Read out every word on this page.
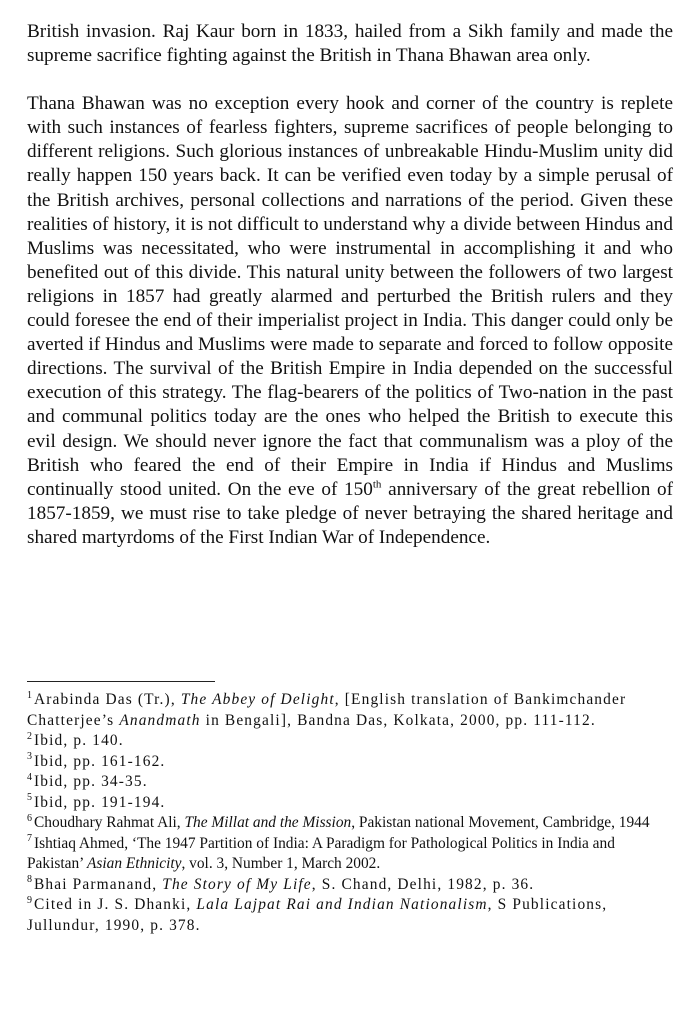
British invasion. Raj Kaur born in 1833, hailed from a Sikh family and made the supreme sacrifice fighting against the British in Thana Bhawan area only.

Thana Bhawan was no exception every hook and corner of the country is replete with such instances of fearless fighters, supreme sacrifices of people belonging to different religions. Such glorious instances of unbreakable Hindu-Muslim unity did really happen 150 years back. It can be verified even today by a simple perusal of the British archives, personal collections and narrations of the period. Given these realities of history, it is not difficult to understand why a divide between Hindus and Muslims was necessitated, who were instrumental in accomplishing it and who benefited out of this divide. This natural unity between the followers of two largest religions in 1857 had greatly alarmed and perturbed the British rulers and they could foresee the end of their imperialist project in India. This danger could only be averted if Hindus and Muslims were made to separate and forced to follow opposite directions. The survival of the British Empire in India depended on the successful execution of this strategy. The flag-bearers of the politics of Two-nation in the past and communal politics today are the ones who helped the British to execute this evil design. We should never ignore the fact that communalism was a ploy of the British who feared the end of their Empire in India if Hindus and Muslims continually stood united. On the eve of 150th anniversary of the great rebellion of 1857-1859, we must rise to take pledge of never betraying the shared heritage and shared martyrdoms of the First Indian War of Independence.

$^1$ Arabinda Das (Tr.), The Abbey of Delight, [English translation of Bankimchander Chatterjee’s Anandmath in Bengali], Bandna Das, Kolkata, 2000, pp. 111-112.

$^2$ Ibid, p. 140.

$^3$ Ibid, pp. 161-162.

$^4$ Ibid, pp. 34-35.

$^5$ Ibid, pp. 191-194.

$^6$ Choudhary Rahmat Ali, The Millat and the Mission, Pakistan national Movement, Cambridge, 1944

$^7$ Ishtiaq Ahmed, ‘The 1947 Partition of India: A Paradigm for Pathological Politics in India and Pakistan’ Asian Ethnicity, vol. 3, Number 1, March 2002.

$^8$ Bhai Parmanand, The Story of My Life, S. Chand, Delhi, 1982, p. 36.

$^9$ Cited in J. S. Dhanki, Lala Lajpat Rai and Indian Nationalism, S Publications, Jullundur, 1990, p. 378.
